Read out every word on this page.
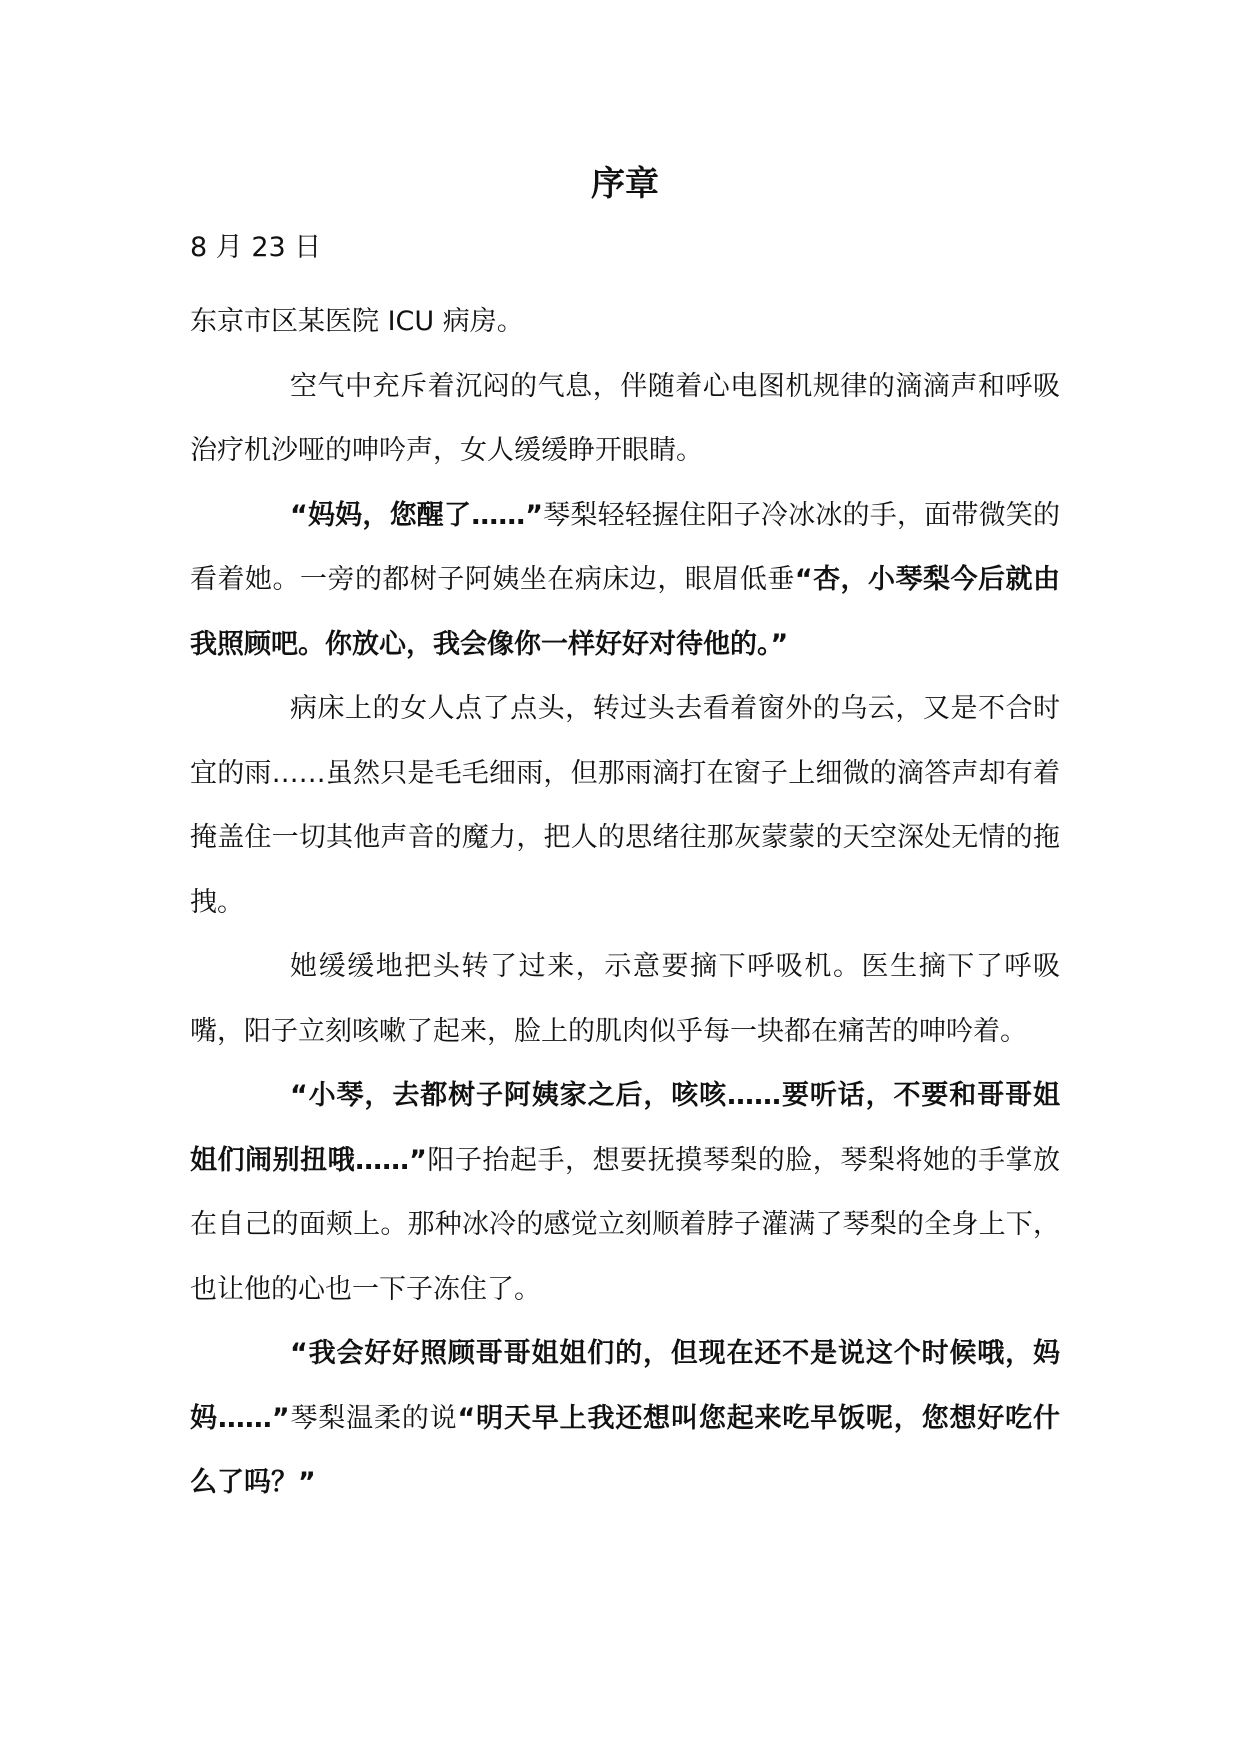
序章

8 月 23 日

东京市区某医院 ICU 病房。

空气中充斥着沉闷的气息，伴随着心电图机规律的滴滴声和呼吸治疗机沙哑的呻吟声，女人缓缓睁开眼睛。

“妈妈，您醒了……”琴梨轻轻握住阳子冷冰冰的手，面带微笑的看着她。一旁的都树子阿姨坐在病床边，眼眉低垂“杏，小琴梨今后就由我照顾吧。你放心，我会像你一样好好对待他的。”

病床上的女人点了点头，转过头去看着窗外的乌云，又是不合时宜的雨……虽然只是毛毛细雨，但那雨滴打在窗子上细微的滴答声却有着掩盖住一切其他声音的魔力，把人的思绪往那灰蒙蒙的天空深处无情的拖拽。

她缓缓地把头转了过来，示意要摘下呼吸机。医生摘下了呼吸嘴，阳子立刻咳嗽了起来，脸上的肌肉似乎每一块都在痛苦的呻吟着。

“小琴，去都树子阿姨家之后，咳咳……要听话，不要和哥哥姐姐们闹别扭哦……”阳子抬起手，想要抚摸琴梨的脸，琴梨将她的手掌放在自己的面颊上。那种冰冷的感觉立刻顺着脖子灌满了琴梨的全身上下，也让他的心也一下子冻住了。

“我会好好照顾哥哥姐姐们的，但现在还不是说这个时候哦，妈妈……”琴梨温柔的说“明天早上我还想叫您起来吃早饭呢，您想好吃什么了吗？”
